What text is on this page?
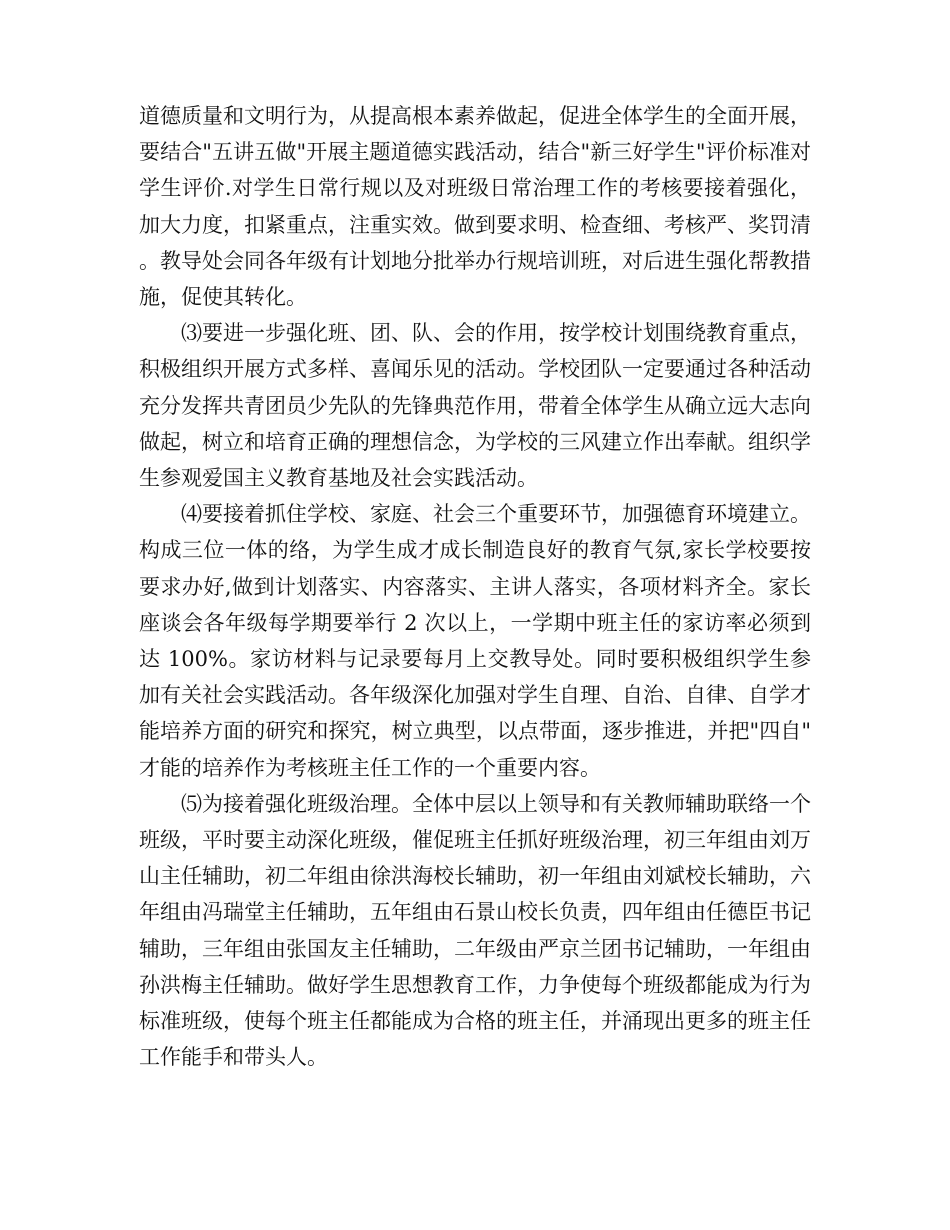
道德质量和文明行为，从提高根本素养做起，促进全体学生的全面开展，要结合"五讲五做"开展主题道德实践活动，结合"新三好学生"评价标准对学生评价.对学生日常行规以及对班级日常治理工作的考核要接着强化，加大力度，扣紧重点，注重实效。做到要求明、检查细、考核严、奖罚清。教导处会同各年级有计划地分批举办行规培训班，对后进生强化帮教措施，促使其转化。

⑶要进一步强化班、团、队、会的作用，按学校计划围绕教育重点，积极组织开展方式多样、喜闻乐见的活动。学校团队一定要通过各种活动充分发挥共青团员少先队的先锋典范作用，带着全体学生从确立远大志向做起，树立和培育正确的理想信念，为学校的三风建立作出奉献。组织学生参观爱国主义教育基地及社会实践活动。

⑷要接着抓住学校、家庭、社会三个重要环节，加强德育环境建立。构成三位一体的络，为学生成才成长制造良好的教育气氛,家长学校要按要求办好,做到计划落实、内容落实、主讲人落实，各项材料齐全。家长座谈会各年级每学期要举行 2 次以上，一学期中班主任的家访率必须到达 100%。家访材料与记录要每月上交教导处。同时要积极组织学生参加有关社会实践活动。各年级深化加强对学生自理、自治、自律、自学才能培养方面的研究和探究，树立典型，以点带面，逐步推进，并把"四自"才能的培养作为考核班主任工作的一个重要内容。

⑸为接着强化班级治理。全体中层以上领导和有关教师辅助联络一个班级，平时要主动深化班级，催促班主任抓好班级治理，初三年组由刘万山主任辅助，初二年组由徐洪海校长辅助，初一年组由刘斌校长辅助，六年组由冯瑞堂主任辅助，五年组由石景山校长负责，四年组由任德臣书记辅助，三年组由张国友主任辅助，二年级由严京兰团书记辅助，一年组由孙洪梅主任辅助。做好学生思想教育工作，力争使每个班级都能成为行为标准班级，使每个班主任都能成为合格的班主任，并涌现出更多的班主任工作能手和带头人。
